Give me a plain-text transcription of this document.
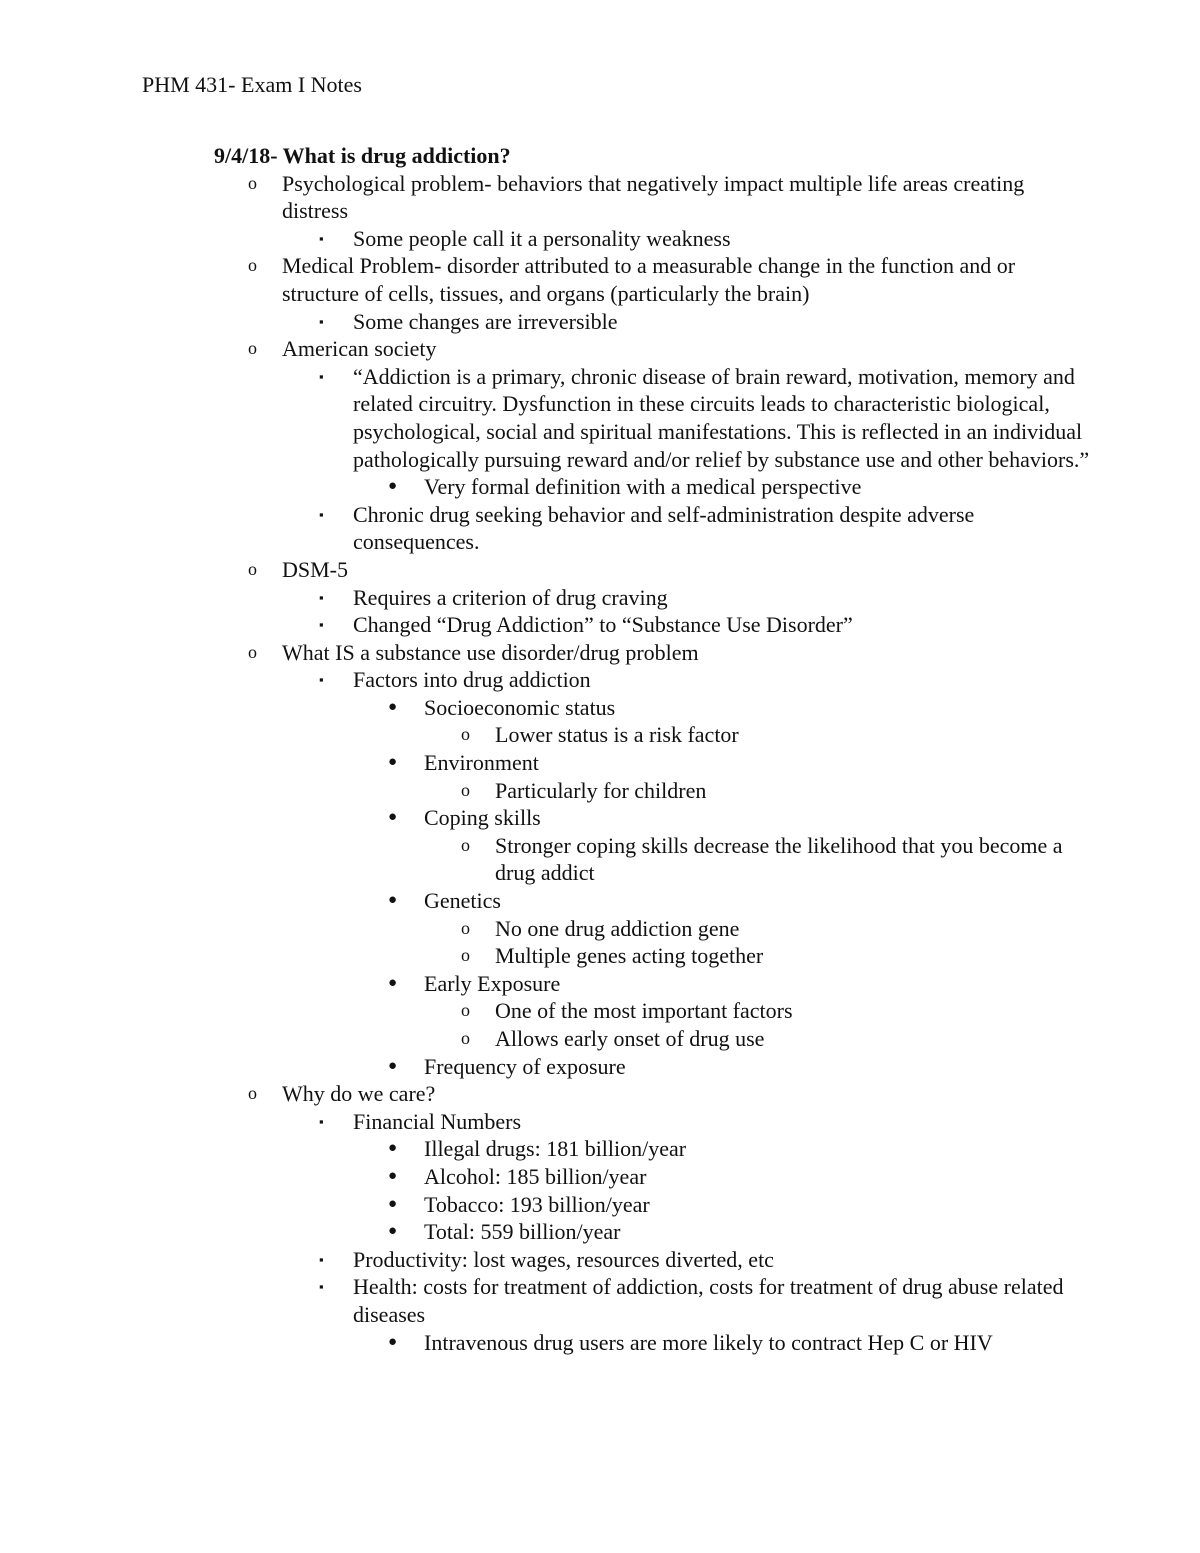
PHM 431- Exam I Notes
9/4/18- What is drug addiction?
o	Psychological problem- behaviors that negatively impact multiple life areas creating distress
▪	Some people call it a personality weakness
o	Medical Problem- disorder attributed to a measurable change in the function and or structure of cells, tissues, and organs (particularly the brain)
▪	Some changes are irreversible
o	American society
▪	“Addiction is a primary, chronic disease of brain reward, motivation, memory and related circuitry. Dysfunction in these circuits leads to characteristic biological, psychological, social and spiritual manifestations. This is reflected in an individual pathologically pursuing reward and/or relief by substance use and other behaviors.”
●	Very formal definition with a medical perspective
▪	Chronic drug seeking behavior and self-administration despite adverse consequences.
o	DSM-5
▪	Requires a criterion of drug craving
▪	Changed “Drug Addiction” to “Substance Use Disorder”
o	What IS a substance use disorder/drug problem
▪	Factors into drug addiction
●	Socioeconomic status
o	Lower status is a risk factor
●	Environment
o	Particularly for children
●	Coping skills
o	Stronger coping skills decrease the likelihood that you become a drug addict
●	Genetics
o	No one drug addiction gene
o	Multiple genes acting together
●	Early Exposure
o	One of the most important factors
o	Allows early onset of drug use
●	Frequency of exposure
o	Why do we care?
▪	Financial Numbers
●	Illegal drugs: 181 billion/year
●	Alcohol: 185 billion/year
●	Tobacco: 193 billion/year
●	Total: 559 billion/year
▪	Productivity: lost wages, resources diverted, etc
▪	Health: costs for treatment of addiction, costs for treatment of drug abuse related diseases
●	Intravenous drug users are more likely to contract Hep C or HIV
